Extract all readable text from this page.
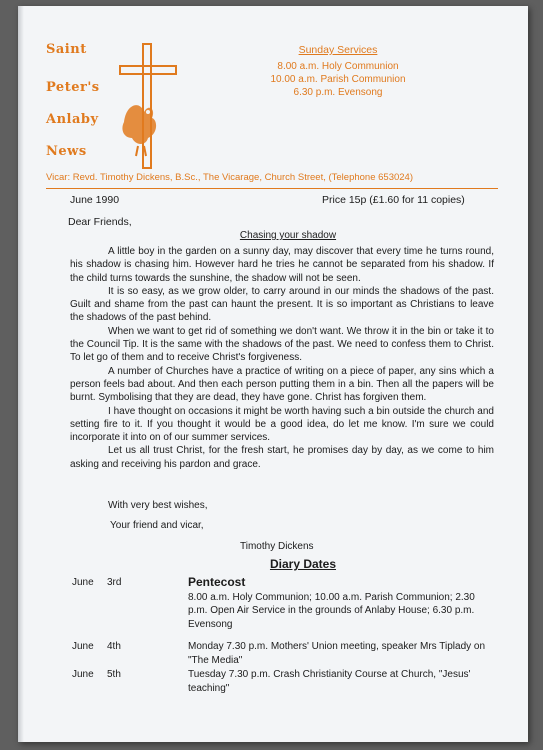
Saint
Peter's
Anlaby
News
Sunday Services
8.00 a.m. Holy Communion
10.00 a.m. Parish Communion
6.30 p.m. Evensong
Vicar: Revd. Timothy Dickens, B.Sc., The Vicarage, Church Street, (Telephone 653024)
June 1990	Price 15p (£1.60 for 11 copies)
Dear Friends,
Chasing your shadow

A little boy in the garden on a sunny day, may discover that every time he turns round, his shadow is chasing him. However hard he tries he cannot be separated from his shadow. If the child turns towards the sunshine, the shadow will not be seen.

It is so easy, as we grow older, to carry around in our minds the shadows of the past. Guilt and shame from the past can haunt the present. It is so important as Christians to leave the shadows of the past behind.

When we want to get rid of something we don't want. We throw it in the bin or take it to the Council Tip. It is the same with the shadows of the past. We need to confess them to Christ. To let go of them and to receive Christ's forgiveness.

A number of Churches have a practice of writing on a piece of paper, any sins which a person feels bad about. And then each person putting them in a bin. Then all the papers will be burnt. Symbolising that they are dead, they have gone. Christ has forgiven them.

I have thought on occasions it might be worth having such a bin outside the church and setting fire to it. If you thought it would be a good idea, do let me know. I'm sure we could incorporate it into on of our summer services.

Let us all trust Christ, for the fresh start, he promises day by day, as we come to him asking and receiving his pardon and grace.

With very best wishes,
Your friend and vicar,
Timothy Dickens
Diary Dates
June 3rd	Pentecost
8.00 a.m. Holy Communion; 10.00 a.m. Parish Communion; 2.30 p.m. Open Air Service in the grounds of Anlaby House; 6.30 p.m. Evensong
June 4th	Monday 7.30 p.m. Mothers' Union meeting, speaker Mrs Tiplady on "The Media"
June 5th	Tuesday 7.30 p.m. Crash Christianity Course at Church, "Jesus' teaching"
